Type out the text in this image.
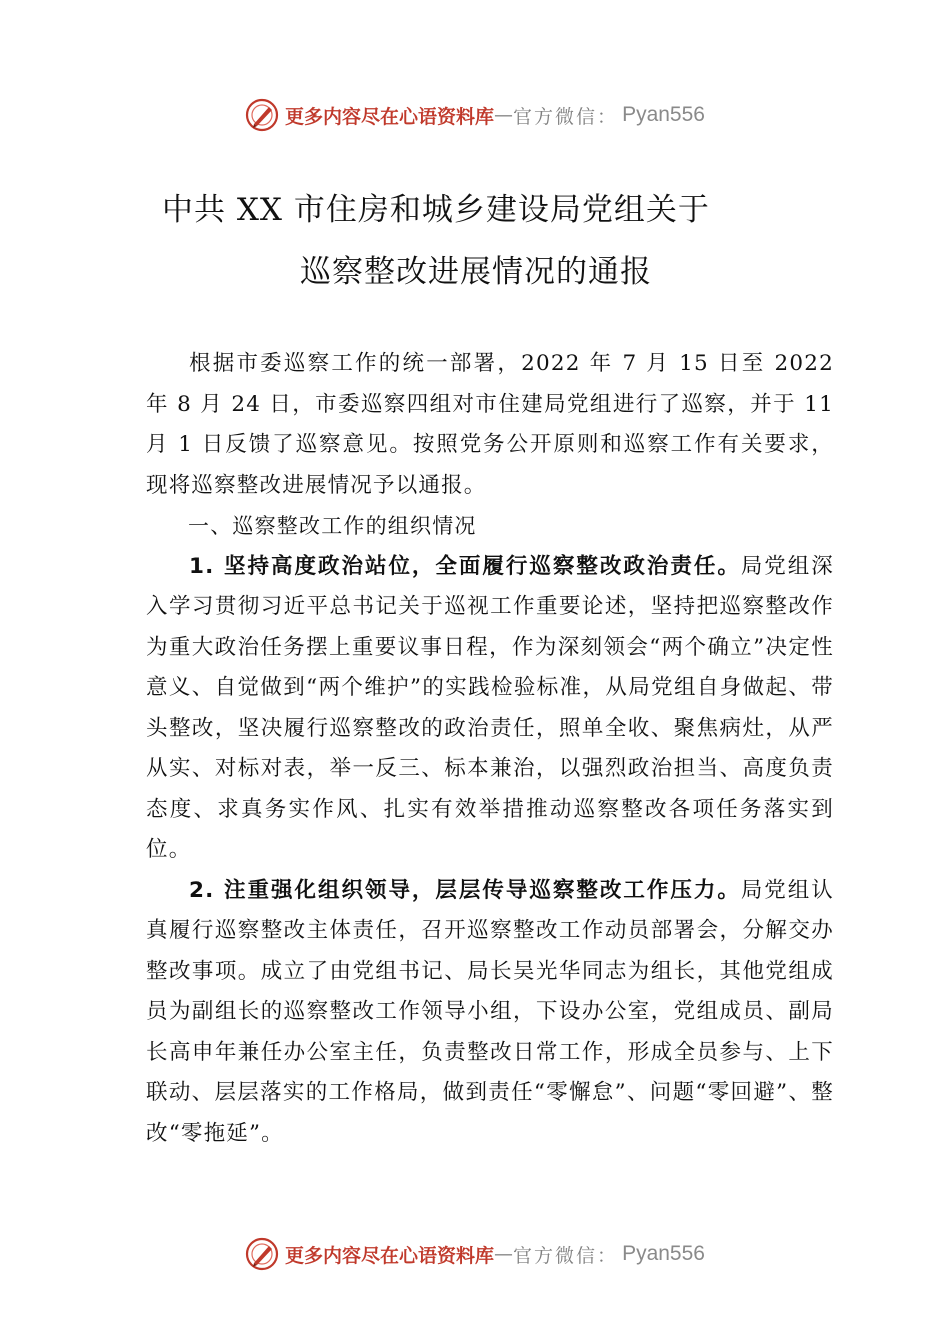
更多内容尽在心语资料库 — 官方微信： Pyan556
中共 XX 市住房和城乡建设局党组关于
巡察整改进展情况的通报

根据市委巡察工作的统一部署，2022 年 7 月 15 日至 2022 年 8 月 24 日，市委巡察四组对市住建局党组进行了巡察，并于 11 月 1 日反馈了巡察意见。按照党务公开原则和巡察工作有关要求，现将巡察整改进展情况予以通报。

一、巡察整改工作的组织情况

1. 坚持高度政治站位，全面履行巡察整改政治责任。局党组深入学习贯彻习近平总书记关于巡视工作重要论述，坚持把巡察整改作为重大政治任务摆上重要议事日程，作为深刻领会“两个确立”决定性意义、自觉做到“两个维护”的实践检验标准，从局党组自身做起、带头整改，坚决履行巡察整改的政治责任，照单全收、聚焦病灶，从严从实、对标对表，举一反三、标本兼治，以强烈政治担当、高度负责态度、求真务实作风、扎实有效举措推动巡察整改各项任务落实到位。

2. 注重强化组织领导，层层传导巡察整改工作压力。局党组认真履行巡察整改主体责任，召开巡察整改工作动员部署会，分解交办整改事项。成立了由党组书记、局长吴光华同志为组长，其他党组成员为副组长的巡察整改工作领导小组，下设办公室，党组成员、副局长高申年兼任办公室主任，负责整改日常工作，形成全员参与、上下联动、层层落实的工作格局，做到责任“零懈怠”、问题“零回避”、整改“零拖延”。

更多内容尽在心语资料库 — 官方微信： Pyan556
